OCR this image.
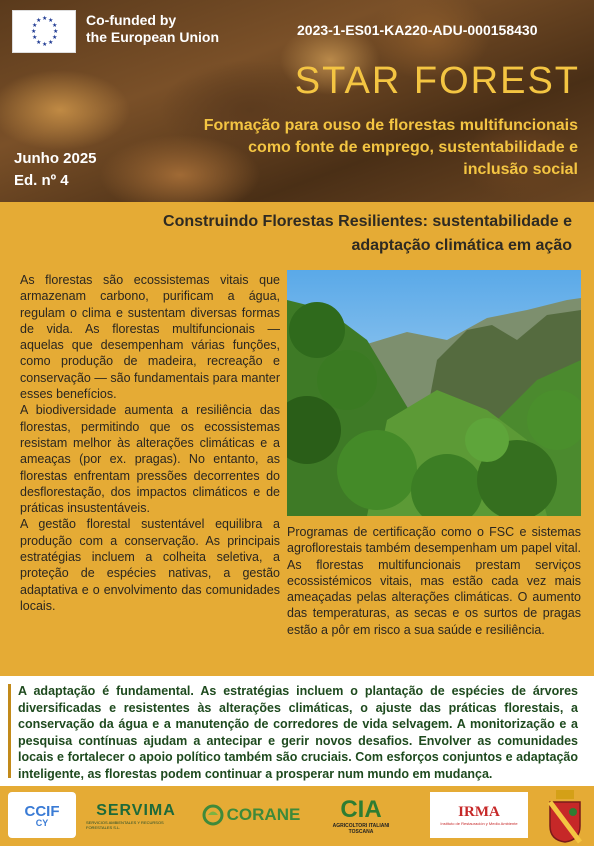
★ ★
★
★
★
★
★
★
★
★
★
★	Co-funded by
the European Union	2023-1-ES01-KA220-ADU-000158430
STAR FOREST
Formação para ouso de florestas multifuncionais
como fonte de emprego, sustentabilidade e
inclusão social
Junho 2025
Ed. nº 4
Construindo Florestas Resilientes: sustentabilidade e
adaptação climática em ação

As florestas são ecossistemas vitais que armazenam carbono, purificam a água, regulam o clima e sustentam diversas formas de vida. As florestas multifuncionais — aquelas que desempenham várias funções, como produção de madeira, recreação e conservação — são fundamentais para manter esses benefícios.

A biodiversidade aumenta a resiliência das florestas, permitindo que os ecossistemas resistam melhor às alterações climáticas e a ameaças (por ex. pragas). No entanto, as florestas enfrentam pressões decorrentes do desflorestação, dos impactos climáticos e de práticas insustentáveis.

A gestão florestal sustentável equilibra a produção com a conservação. As principais estratégias incluem a colheita seletiva, a proteção de espécies nativas, a gestão adaptativa e o envolvimento das comunidades locais.

Programas de certificação como o FSC e sistemas agroflorestais também desempenham um papel vital. As florestas multifuncionais prestam serviços ecossistémicos vitais, mas estão cada vez mais ameaçadas pelas alterações climáticas. O aumento das temperaturas, as secas e os surtos de pragas estão a pôr em risco a sua saúde e resiliência.

A adaptação é fundamental. As estratégias incluem o plantação de espécies de árvores diversificadas e resistentes às alterações climáticas, o ajuste das práticas florestais, a conservação da água e a manutenção de corredores de vida selvagem. A monitorização e a pesquisa contínuas ajudam a antecipar e gerir novos desafios. Envolver as comunidades locais e fortalecer o apoio político também são cruciais. Com esforços conjuntos e adaptação inteligente, as florestas podem continuar a prosperar num mundo em mudança.
CCIF
CY
SERVIMA
SERVICIOS AMBIENTALES Y RECURSOS FORESTALES S.L.
CORANE CIA
AGRICOLTORI ITALIANI
TOSCANA
IRMA
Instituto de Restauración y Medio Ambiente
